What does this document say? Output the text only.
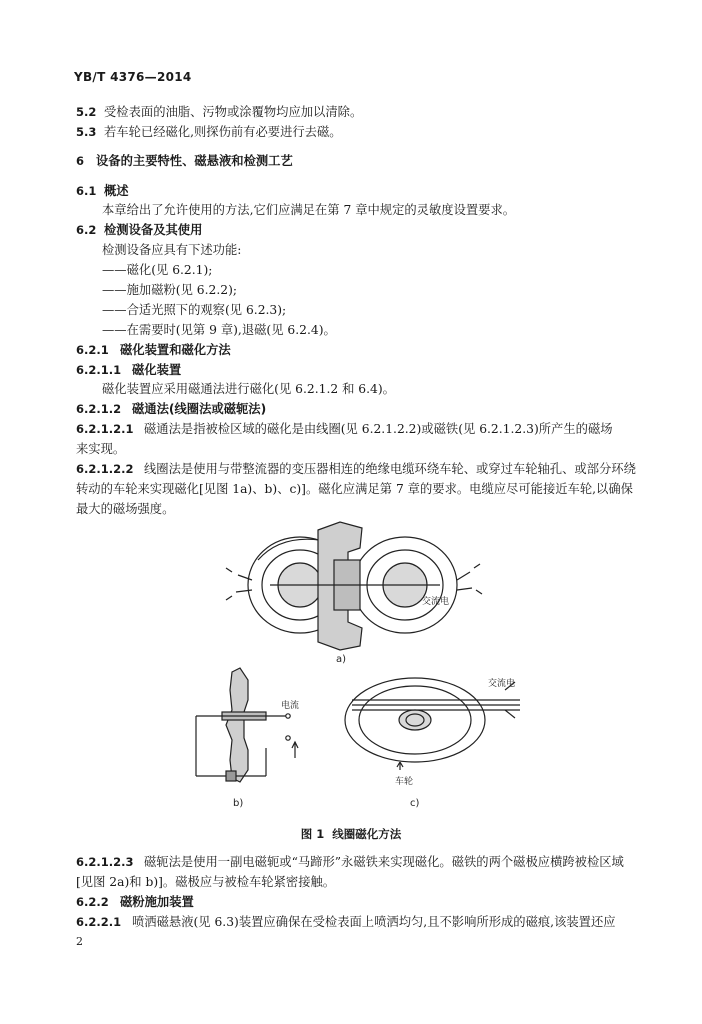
YB/T 4376—2014
5.2 受检表面的油脂、污物或涂覆物均应加以清除。
5.3 若车轮已经磁化,则探伤前有必要进行去磁。
6 设备的主要特性、磁悬液和检测工艺
6.1 概述
本章给出了允许使用的方法,它们应满足在第 7 章中规定的灵敏度设置要求。
6.2 检测设备及其使用
检测设备应具有下述功能:
——磁化(见 6.2.1);
——施加磁粉(见 6.2.2);
——合适光照下的观察(见 6.2.3);
——在需要时(见第 9 章),退磁(见 6.2.4)。
6.2.1 磁化装置和磁化方法
6.2.1.1 磁化装置
磁化装置应采用磁通法进行磁化(见 6.2.1.2 和 6.4)。
6.2.1.2 磁通法(线圈法或磁轭法)
6.2.1.2.1 磁通法是指被检区域的磁化是由线圈(见 6.2.1.2.2)或磁铁(见 6.2.1.2.3)所产生的磁场
来实现。
6.2.1.2.2 线圈法是使用与带整流器的变压器相连的绝缘电缆环绕车轮、或穿过车轮轴孔、或部分环绕
转动的车轮来实现磁化[见图 1a)、b)、c)]。磁化应满足第 7 章的要求。电缆应尽可能接近车轮,以确保
最大的磁场强度。
交流电
a)
电流
b)
交流电
车轮
c)
图 1 线圈磁化方法
6.2.1.2.3 磁轭法是使用一副电磁轭或“马蹄形”永磁铁来实现磁化。磁铁的两个磁极应横跨被检区域
[见图 2a)和 b)]。磁极应与被检车轮紧密接触。
6.2.2 磁粉施加装置
6.2.2.1 喷洒磁悬液(见 6.3)装置应确保在受检表面上喷洒均匀,且不影响所形成的磁痕,该装置还应
2
